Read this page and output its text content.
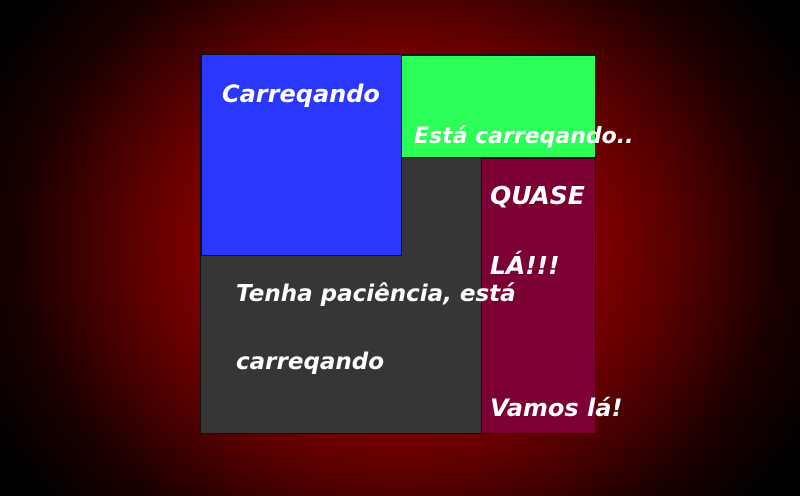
Carreqando
Está carreqando..
Tenha paciência, está
carreqando
QUASE
LÁ!!!
Vamos lá!
